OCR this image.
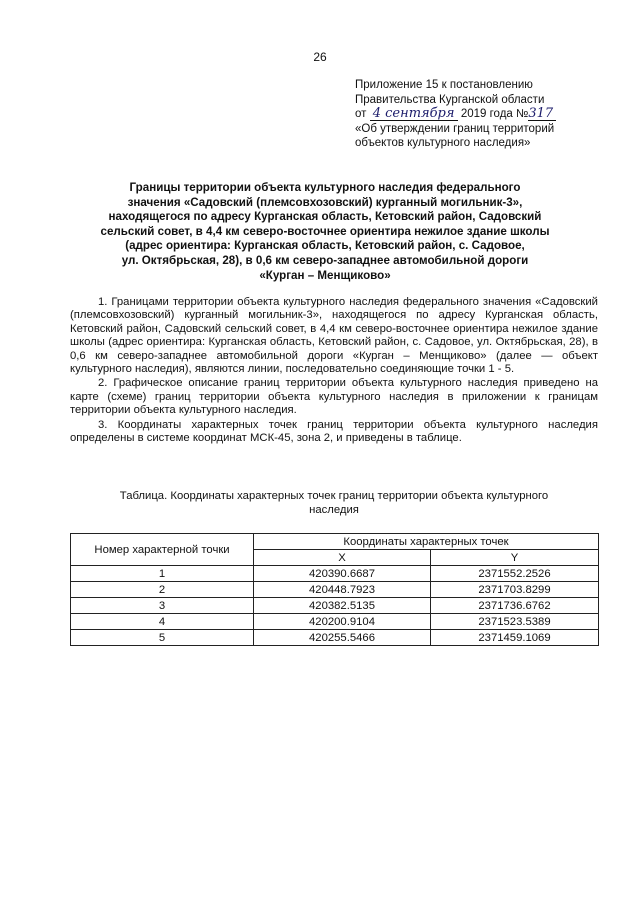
26
Приложение 15 к постановлению
Правительства Курганской области
от 4 сентября 2019 года №317
«Об утверждении границ территорий
объектов культурного наследия»
Границы территории объекта культурного наследия федерального
значения «Садовский (племсовхозовский) курганный могильник-3»,
находящегося по адресу Курганская область, Кетовский район, Садовский
сельский совет, в 4,4 км северо-восточнее ориентира нежилое здание школы
(адрес ориентира: Курганская область, Кетовский район, с. Садовое,
ул. Октябрьская, 28), в 0,6 км северо-западнее автомобильной дороги
«Курган – Менщиково»

1. Границами территории объекта культурного наследия федерального значения «Садовский (племсовхозовский) курганный могильник-3», находящегося по адресу Курганская область, Кетовский район, Садовский сельский совет, в 4,4 км северо-восточнее ориентира нежилое здание школы (адрес ориентира: Курганская область, Кетовский район, с. Садовое, ул. Октябрьская, 28), в 0,6 км северо-западнее автомобильной дороги «Курган – Менщиково» (далее — объект культурного наследия), являются линии, последовательно соединяющие точки 1 - 5.

2. Графическое описание границ территории объекта культурного наследия приведено на карте (схеме) границ территории объекта культурного наследия в приложении к границам территории объекта культурного наследия.

3. Координаты характерных точек границ территории объекта культурного наследия определены в системе координат МСК-45, зона 2, и приведены в таблице.

Таблица. Координаты характерных точек границ территории объекта культурного
наследия
Номер характерной точки	Координаты характерных точек	
	X	Y
1	420390.6687	2371552.2526
2	420448.7923	2371703.8299
3	420382.5135	2371736.6762
4	420200.9104	2371523.5389
5	420255.5466	2371459.1069
